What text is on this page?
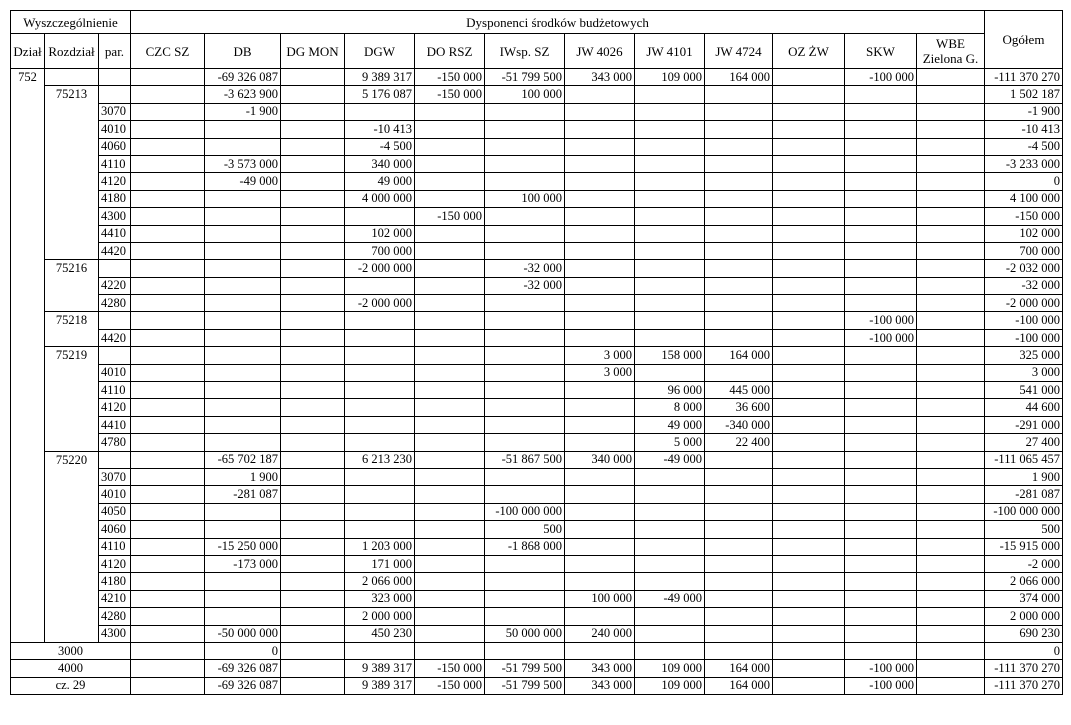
Wyszczególnienie			Dysponenci środków budżetowych												Ogółem
Dział	Rozdział	par.	CZC SZ	DB	DG MON	DGW	DO RSZ	IWsp. SZ	JW 4026	JW 4101	JW 4724	OZ ŻW	SKW	WBE
Zielona G.	
752				-69 326 087		9 389 317	-150 000	-51 799 500	343 000	109 000	164 000		-100 000		-111 370 270
	75213			-3 623 900		5 176 087	-150 000	100 000							1 502 187
		3070		-1 900											-1 900
		4010				-10 413									-10 413
		4060				-4 500									-4 500
		4110		-3 573 000		340 000									-3 233 000
		4120		-49 000		49 000									0
		4180				4 000 000		100 000							4 100 000
		4300					-150 000								-150 000
		4410				102 000									102 000
		4420				700 000									700 000
	75216					-2 000 000		-32 000							-2 032 000
		4220						-32 000							-32 000
		4280				-2 000 000									-2 000 000
	75218												-100 000		-100 000
		4420											-100 000		-100 000
	75219								3 000	158 000	164 000				325 000
		4010							3 000						3 000
		4110								96 000	445 000				541 000
		4120								8 000	36 600				44 600
		4410								49 000	-340 000				-291 000
		4780								5 000	22 400				27 400
	75220			-65 702 187		6 213 230		-51 867 500	340 000	-49 000					-111 065 457
		3070		1 900											1 900
		4010		-281 087											-281 087
		4050						-100 000 000							-100 000 000
		4060						500							500
		4110		-15 250 000		1 203 000		-1 868 000							-15 915 000
		4120		-173 000		171 000									-2 000
		4180				2 066 000									2 066 000
		4210				323 000			100 000	-49 000					374 000
		4280				2 000 000									2 000 000
		4300		-50 000 000		450 230		50 000 000	240 000						690 230
3000				0											0
4000				-69 326 087		9 389 317	-150 000	-51 799 500	343 000	109 000	164 000		-100 000		-111 370 270
cz. 29				-69 326 087		9 389 317	-150 000	-51 799 500	343 000	109 000	164 000		-100 000		-111 370 270
